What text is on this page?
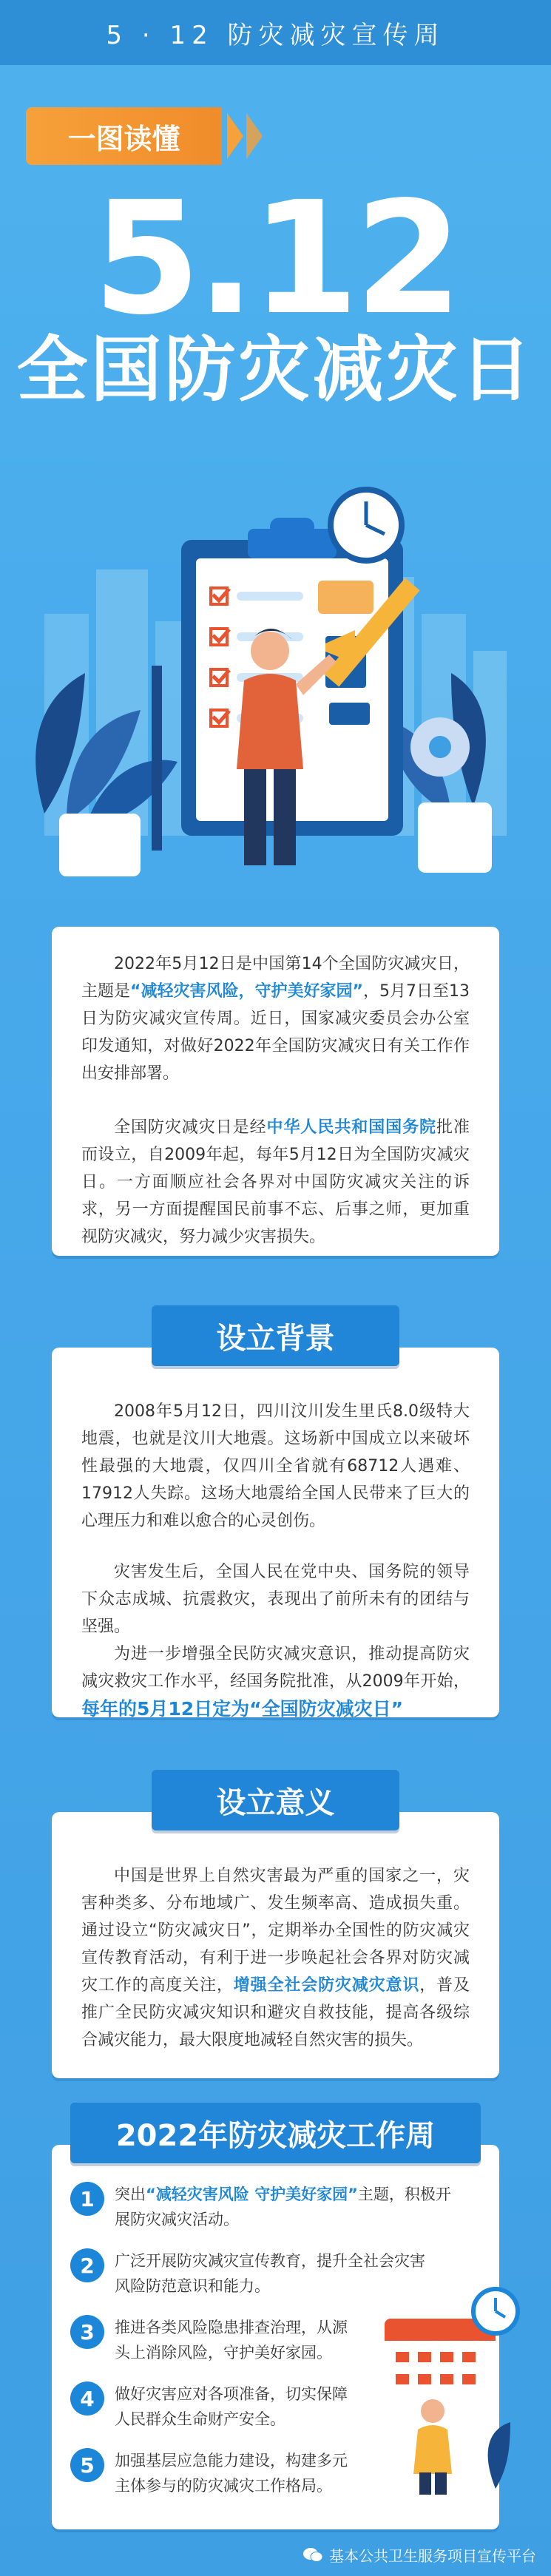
5 · 12 防灾减灾宣传周
一图读懂
5.12
全国防灾减灾日

2022年5月12日是中国第14个全国防灾减灾日，主题是“减轻灾害风险，守护美好家园”，5月7日至13日为防灾减灾宣传周。近日，国家减灾委员会办公室印发通知，对做好2022年全国防灾减灾日有关工作作出安排部署。

全国防灾减灾日是经中华人民共和国国务院批准而设立，自2009年起，每年5月12日为全国防灾减灾日。一方面顺应社会各界对中国防灾减灾关注的诉求，另一方面提醒国民前事不忘、后事之师，更加重视防灾减灾，努力减少灾害损失。

2008年5月12日，四川汶川发生里氏8.0级特大地震，也就是汶川大地震。这场新中国成立以来破坏性最强的大地震，仅四川全省就有68712人遇难、17912人失踪。这场大地震给全国人民带来了巨大的心理压力和难以愈合的心灵创伤。

灾害发生后，全国人民在党中央、国务院的领导下众志成城、抗震救灾，表现出了前所未有的团结与坚强。

为进一步增强全民防灾减灾意识，推动提高防灾减灾救灾工作水平，经国务院批准，从2009年开始，每年的5月12日定为“全国防灾减灾日”

设立背景

中国是世界上自然灾害最为严重的国家之一，灾害种类多、分布地域广、发生频率高、造成损失重。通过设立“防灾减灾日”，定期举办全国性的防灾减灾宣传教育活动，有利于进一步唤起社会各界对防灾减灾工作的高度关注，增强全社会防灾减灾意识，普及推广全民防灾减灾知识和避灾自救技能，提高各级综合减灾能力，最大限度地减轻自然灾害的损失。

设立意义
2022年防灾减灾工作周
1	突出“减轻灾害风险 守护美好家园”主题，积极开展防灾减灾活动。
2	广泛开展防灾减灾宣传教育，提升全社会灾害风险防范意识和能力。
3	推进各类风险隐患排查治理，从源头上消除风险，守护美好家园。
4	做好灾害应对各项准备，切实保障人民群众生命财产安全。
5	加强基层应急能力建设，构建多元主体参与的防灾减灾工作格局。
基本公共卫生服务项目宣传平台
